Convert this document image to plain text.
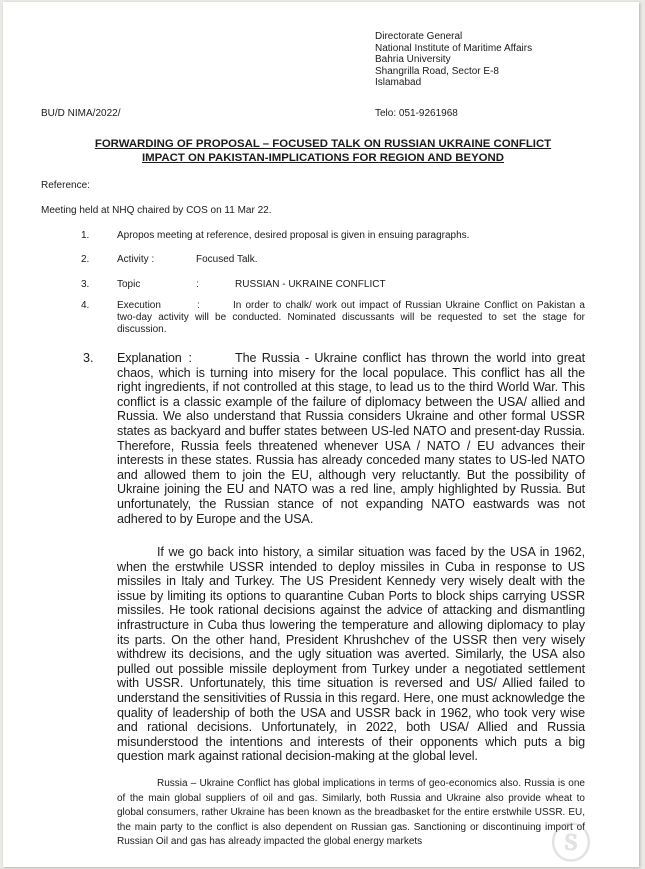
Directorate General
National Institute of Maritime Affairs
Bahria University
Shangrilla Road, Sector E-8
Islamabad
BU/D NIMA/2022/	Telo: 051-9261968
FORWARDING OF PROPOSAL – FOCUSED TALK ON RUSSIAN UKRAINE CONFLICT
IMPACT ON PAKISTAN-IMPLICATIONS FOR REGION AND BEYOND
Reference:
Meeting held at NHQ chaired by COS on 11 Mar 22.
1.	Apropos meeting at reference, desired proposal is given in ensuing paragraphs.
2.	Activity :	Focused Talk.
3.	Topic	:	RUSSIAN - UKRAINE CONFLICT
4.	Execution	:	In order to chalk/ work out impact of Russian Ukraine Conflict on Pakistan a two-day activity will be conducted. Nominated discussants will be requested to set the stage for discussion.
3. Explanation :	The Russia - Ukraine conflict has thrown the world into great chaos, which is turning into misery for the local populace. This conflict has all the right ingredients, if not controlled at this stage, to lead us to the third World War. This conflict is a classic example of the failure of diplomacy between the USA/ allied and Russia. We also understand that Russia considers Ukraine and other formal USSR states as backyard and buffer states between US-led NATO and present-day Russia. Therefore, Russia feels threatened whenever USA / NATO / EU advances their interests in these states. Russia has already conceded many states to US-led NATO and allowed them to join the EU, although very reluctantly. But the possibility of Ukraine joining the EU and NATO was a red line, amply highlighted by Russia. But unfortunately, the Russian stance of not expanding NATO eastwards was not adhered to by Europe and the USA.
If we go back into history, a similar situation was faced by the USA in 1962, when the erstwhile USSR intended to deploy missiles in Cuba in response to US missiles in Italy and Turkey. The US President Kennedy very wisely dealt with the issue by limiting its options to quarantine Cuban Ports to block ships carrying USSR missiles. He took rational decisions against the advice of attacking and dismantling infrastructure in Cuba thus lowering the temperature and allowing diplomacy to play its parts. On the other hand, President Khrushchev of the USSR then very wisely withdrew its decisions, and the ugly situation was averted. Similarly, the USA also pulled out possible missile deployment from Turkey under a negotiated settlement with USSR. Unfortunately, this time situation is reversed and US/ Allied failed to understand the sensitivities of Russia in this regard. Here, one must acknowledge the quality of leadership of both the USA and USSR back in 1962, who took very wise and rational decisions. Unfortunately, in 2022, both USA/ Allied and Russia misunderstood the intentions and interests of their opponents which puts a big question mark against rational decision-making at the global level.
Russia – Ukraine Conflict has global implications in terms of geo-economics also. Russia is one of the main global suppliers of oil and gas. Similarly, both Russia and Ukraine also provide wheat to global consumers, rather Ukraine has been known as the breadbasket for the entire erstwhile USSR. EU, the main party to the conflict is also dependent on Russian gas. Sanctioning or discontinuing import of Russian Oil and gas has already impacted the global energy markets	ⓢ
